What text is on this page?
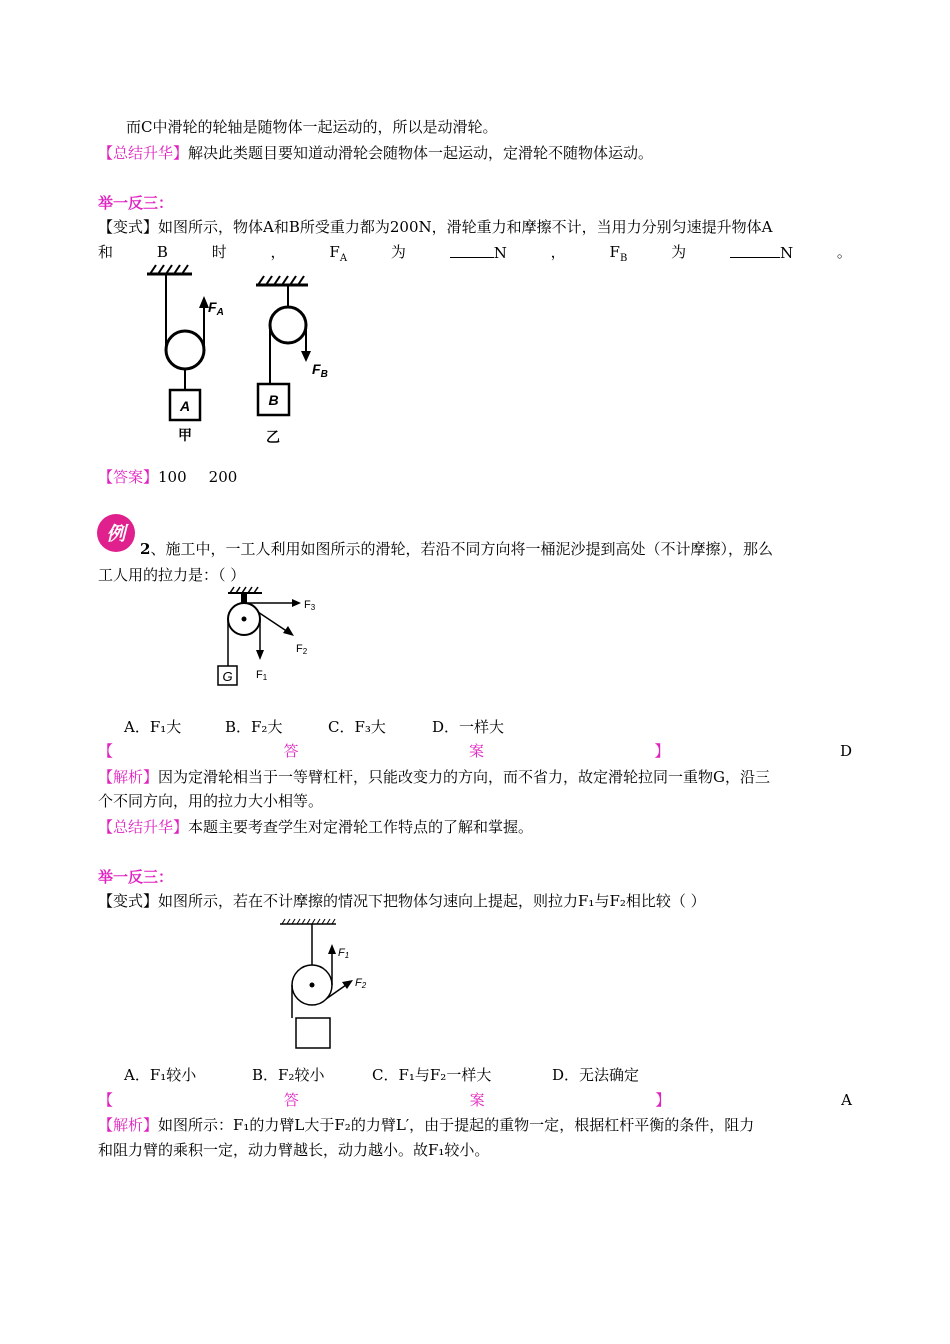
而C中滑轮的轮轴是随物体一起运动的，所以是动滑轮。
【总结升华】解决此类题目要知道动滑轮会随物体一起运动，定滑轮不随物体运动。
举一反三：
【变式】如图所示，物体A和B所受重力都为200N，滑轮重力和摩擦不计，当用力分别匀速提升物体A
和	B	时	，	$F_A$	为	N	，	$F_B$	为	N	。
$F_A$
A
甲
$F_B$
B
乙
【答案】100 200
例
2、施工中，一工人利用如图所示的滑轮，若沿不同方向将一桶泥沙提到高处（不计摩擦），那么
工人用的拉力是：（ ）
F3
F2
F1
G
A．F₁大	B．F₂大	C．F₃大	D．一样大
【	答	案	】	D
【解析】因为定滑轮相当于一等臂杠杆，只能改变力的方向，而不省力，故定滑轮拉同一重物G，沿三
个不同方向，用的拉力大小相等。
【总结升华】本题主要考查学生对定滑轮工作特点的了解和掌握。
举一反三：
【变式】如图所示，若在不计摩擦的情况下把物体匀速向上提起，则拉力F₁与F₂相比较（ ）
F1
F2
A．F₁较小	B．F₂较小	C．F₁与F₂一样大	D．无法确定
【	答	案	】	A
【解析】如图所示：F₁的力臂L大于F₂的力臂L′，由于提起的重物一定，根据杠杆平衡的条件，阻力
和阻力臂的乘积一定，动力臂越长，动力越小。故F₁较小。
